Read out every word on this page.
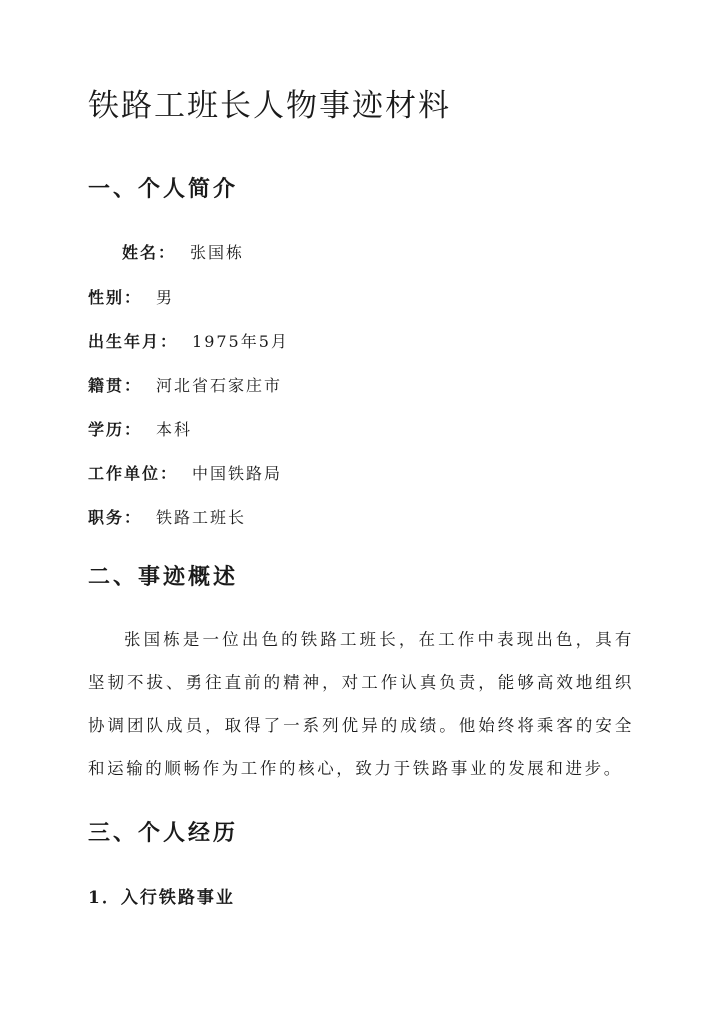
铁路工班长人物事迹材料
一、个人简介
姓名： 张国栋
性别： 男
出生年月： 1975年5月
籍贯： 河北省石家庄市
学历： 本科
工作单位： 中国铁路局
职务： 铁路工班长
二、事迹概述

张国栋是一位出色的铁路工班长，在工作中表现出色，具有坚韧不拔、勇往直前的精神，对工作认真负责，能够高效地组织协调团队成员，取得了一系列优异的成绩。他始终将乘客的安全和运输的顺畅作为工作的核心，致力于铁路事业的发展和进步。

三、个人经历
1．入行铁路事业
